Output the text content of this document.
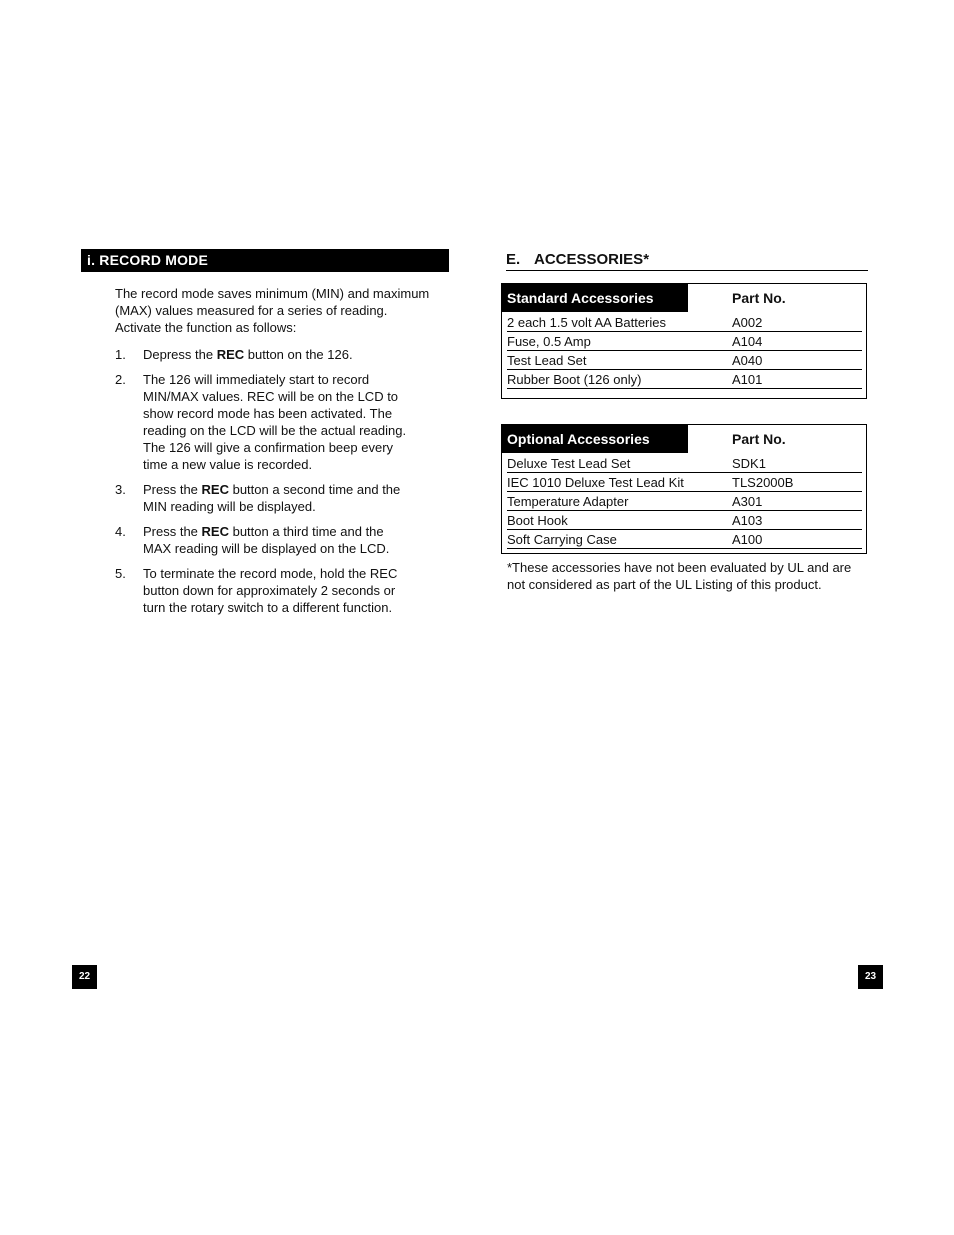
i. RECORD MODE

The record mode saves minimum (MIN) and maximum (MAX) values measured for a series of reading. Activate the function as follows:

1. Depress the REC button on the 126.
2. The 126 will immediately start to record MIN/MAX values. REC will be on the LCD to show record mode has been activated. The reading on the LCD will be the actual reading. The 126 will give a confirmation beep every time a new value is recorded.
3. Press the REC button a second time and the MIN reading will be displayed.
4. Press the REC button a third time and the MAX reading will be displayed on the LCD.
5. To terminate the record mode, hold the REC button down for approximately 2 seconds or turn the rotary switch to a different function.
E. ACCESSORIES*
Standard Accessories	Part No.
2 each 1.5 volt AA Batteries	A002
Fuse, 0.5 Amp	A104
Test Lead Set	A040
Rubber Boot (126 only)	A101
Optional Accessories	Part No.
Deluxe Test Lead Set	SDK1
IEC 1010 Deluxe Test Lead Kit	TLS2000B
Temperature Adapter	A301
Boot Hook	A103
Soft Carrying Case	A100

*These accessories have not been evaluated by UL and are not considered as part of the UL Listing of this product.

22	23
